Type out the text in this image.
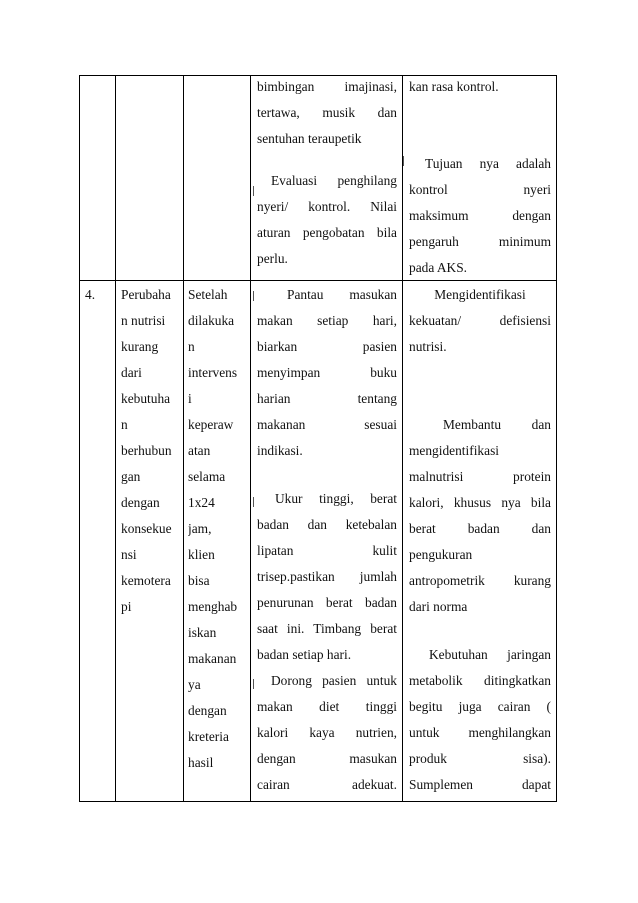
bimbingan imajinasi,
tertawa, musik dan
sentuhan teraupetik
Evaluasi penghilang
nyeri/ kontrol. Nilai
aturan pengobatan bila
perlu.
kan rasa kontrol.
Tujuan nya adalah
kontrol nyeri
maksimum dengan
pengaruh minimum
pada AKS.
4. Perubaha
n nutrisi
kurang
dari
kebutuha
n
berhubun
gan
dengan
konsekue
nsi
kemotera
pi
Setelah
dilakuka
n
intervens
i
keperaw
atan
selama
1x24
jam,
klien
bisa
menghab
iskan
makanan
ya
dengan
kreteria
hasil
Pantau masukan
makan setiap hari,
biarkan pasien
menyimpan buku
harian tentang
makanan sesuai
indikasi.
Ukur tinggi, berat
badan dan ketebalan
lipatan kulit
trisep.pastikan jumlah
penurunan berat badan
saat ini. Timbang berat
badan setiap hari.
Dorong pasien untuk
makan diet tinggi
kalori kaya nutrien,
dengan masukan
cairan adekuat.
Mengidentifikasi
kekuatan/ defisiensi
nutrisi.
Membantu dan
mengidentifikasi
malnutrisi protein
kalori, khusus nya bila
berat badan dan
pengukuran
antropometrik kurang
dari norma
Kebutuhan jaringan
metabolik ditingkatkan
begitu juga cairan (
untuk menghilangkan
produk sisa).
Sumplemen dapat
